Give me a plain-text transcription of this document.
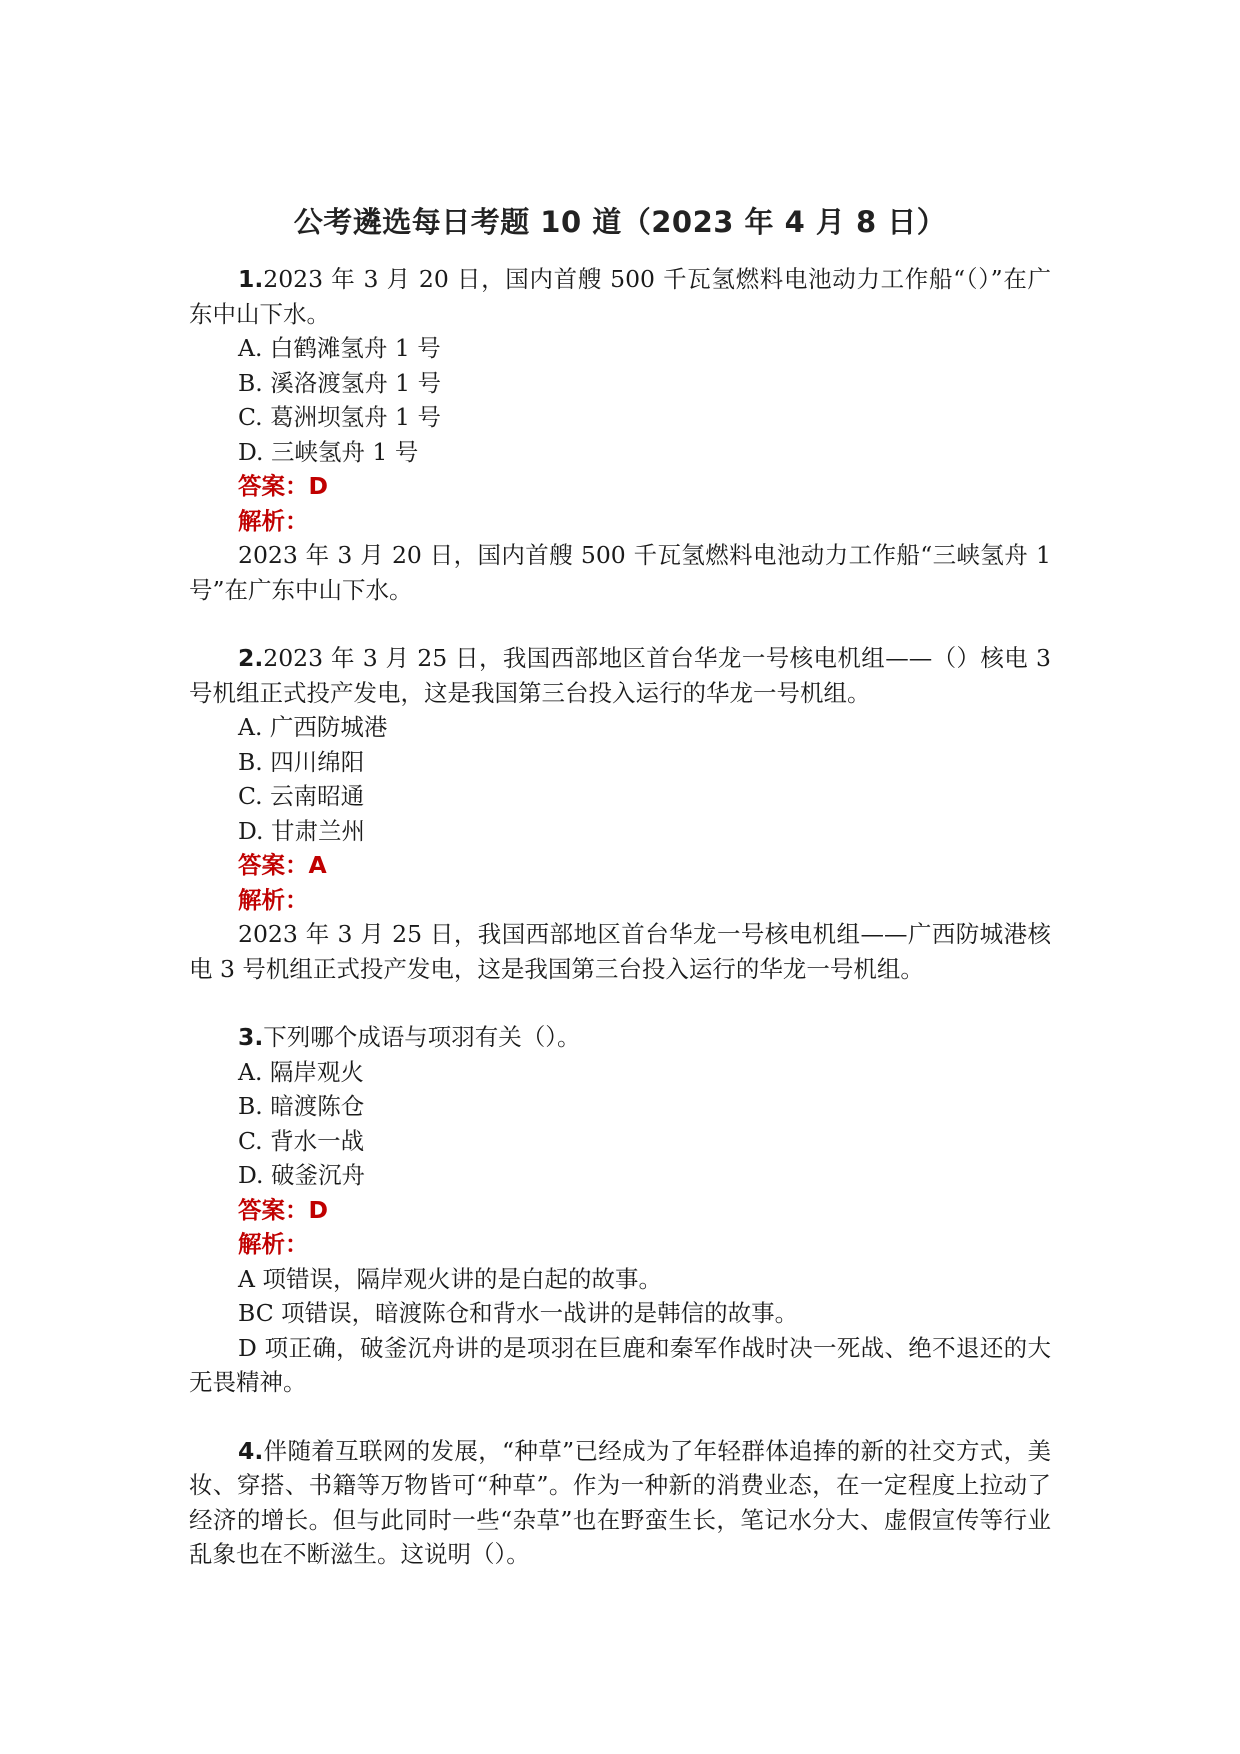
公考遴选每日考题 10 道（2023 年 4 月 8 日）

1.2023 年 3 月 20 日，国内首艘 500 千瓦氢燃料电池动力工作船“（）”在广东中山下水。

A. 白鹤滩氢舟 1 号

B. 溪洛渡氢舟 1 号

C. 葛洲坝氢舟 1 号

D. 三峡氢舟 1 号

答案：D

解析：

2023 年 3 月 20 日，国内首艘 500 千瓦氢燃料电池动力工作船“三峡氢舟 1 号”在广东中山下水。

2.2023 年 3 月 25 日，我国西部地区首台华龙一号核电机组——（）核电 3 号机组正式投产发电，这是我国第三台投入运行的华龙一号机组。

A. 广西防城港

B. 四川绵阳

C. 云南昭通

D. 甘肃兰州

答案：A

解析：

2023 年 3 月 25 日，我国西部地区首台华龙一号核电机组——广西防城港核电 3 号机组正式投产发电，这是我国第三台投入运行的华龙一号机组。

3.下列哪个成语与项羽有关（）。

A. 隔岸观火

B. 暗渡陈仓

C. 背水一战

D. 破釜沉舟

答案：D

解析：

A 项错误，隔岸观火讲的是白起的故事。

BC 项错误，暗渡陈仓和背水一战讲的是韩信的故事。

D 项正确，破釜沉舟讲的是项羽在巨鹿和秦军作战时决一死战、绝不退还的大无畏精神。

4.伴随着互联网的发展，“种草”已经成为了年轻群体追捧的新的社交方式，美妆、穿搭、书籍等万物皆可“种草”。作为一种新的消费业态，在一定程度上拉动了经济的增长。但与此同时一些“杂草”也在野蛮生长，笔记水分大、虚假宣传等行业乱象也在不断滋生。这说明（）。
